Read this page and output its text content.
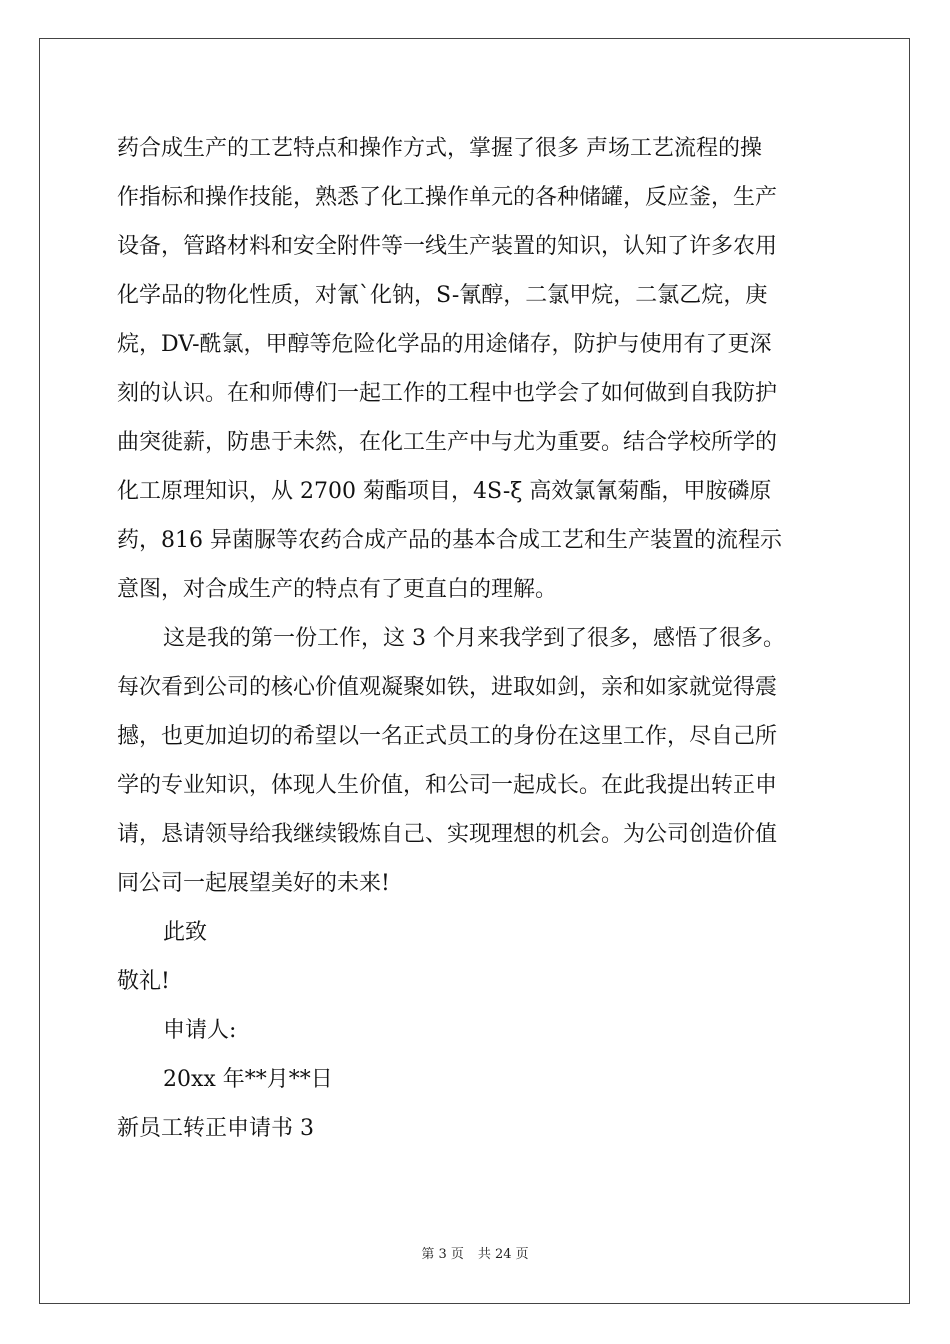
药合成生产的工艺特点和操作方式，掌握了很多 声场工艺流程的操
作指标和操作技能，熟悉了化工操作单元的各种储罐，反应釜，生产
设备，管路材料和安全附件等一线生产装置的知识，认知了许多农用
化学品的物化性质，对氰`化钠，S-氰醇，二氯甲烷，二氯乙烷，庚
烷，DV-酰氯，甲醇等危险化学品的用途储存，防护与使用有了更深
刻的认识。在和师傅们一起工作的工程中也学会了如何做到自我防护
曲突徙薪，防患于未然，在化工生产中与尤为重要。结合学校所学的
化工原理知识，从 2700 菊酯项目，4S-ξ 高效氯氰菊酯，甲胺磷原
药，816 异菌脲等农药合成产品的基本合成工艺和生产装置的流程示
意图，对合成生产的特点有了更直白的理解。
这是我的第一份工作，这 3 个月来我学到了很多，感悟了很多。
每次看到公司的核心价值观凝聚如铁，进取如剑，亲和如家就觉得震
撼，也更加迫切的希望以一名正式员工的身份在这里工作，尽自己所
学的专业知识，体现人生价值，和公司一起成长。在此我提出转正申
请，恳请领导给我继续锻炼自己、实现理想的机会。为公司创造价值
同公司一起展望美好的未来!
此致
敬礼!
申请人:
20xx 年**月**日
新员工转正申请书 3
第 3 页 共 24 页
